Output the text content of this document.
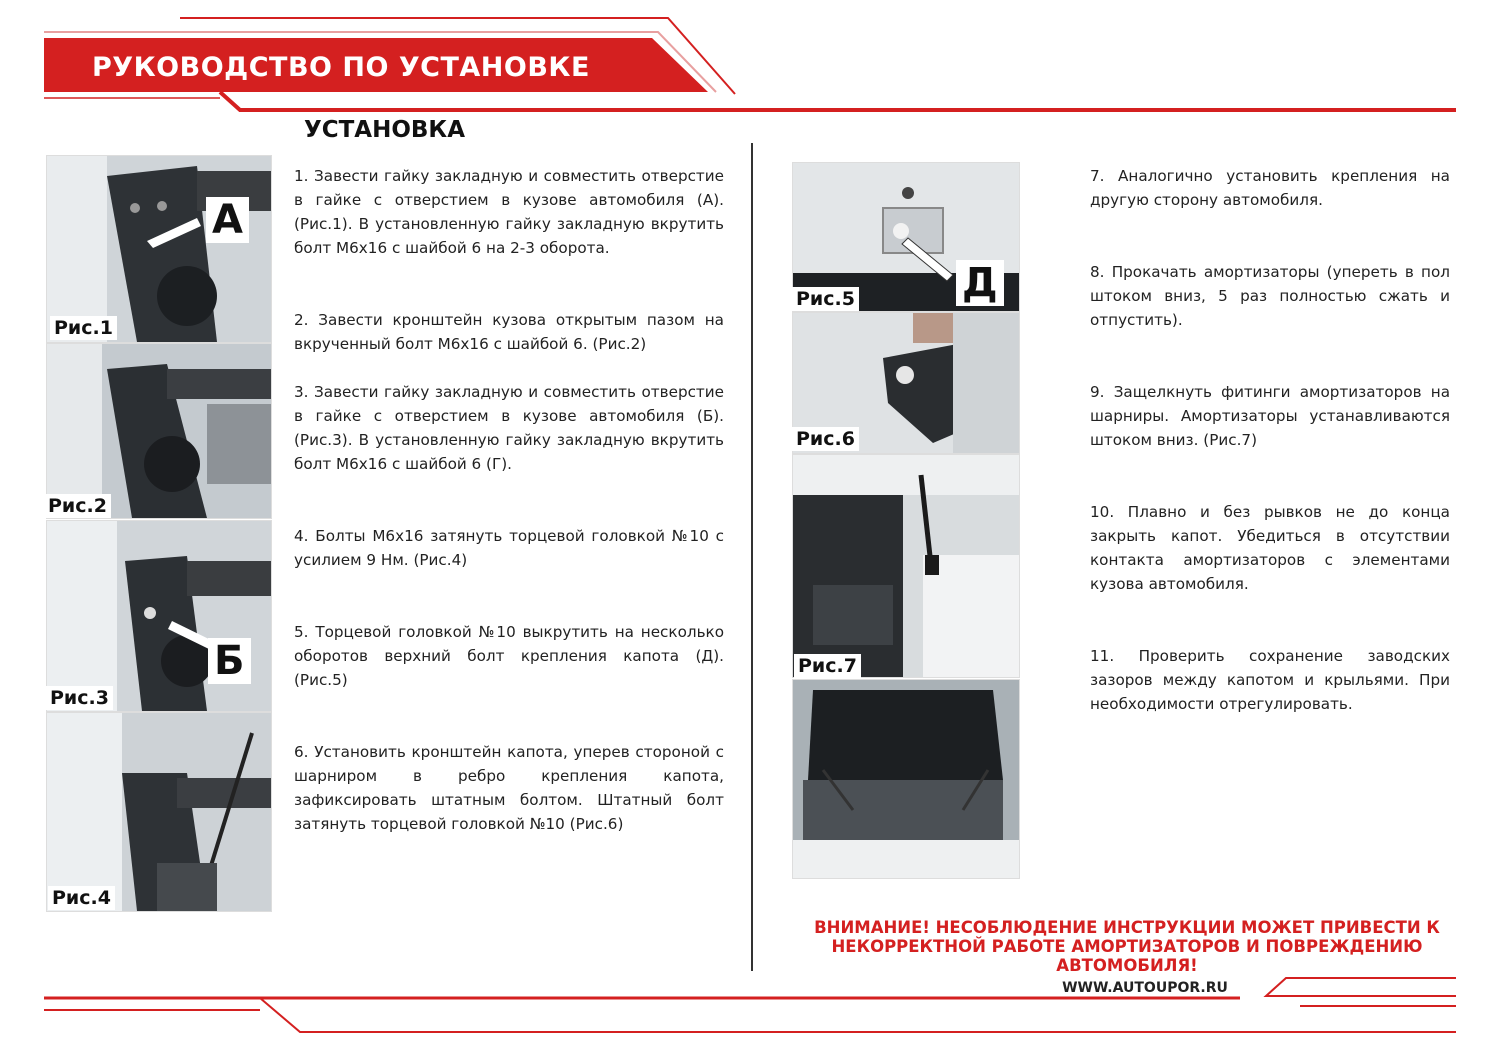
РУКОВОДСТВО ПО УСТАНОВКЕ
УСТАНОВКА
А
Рис.1
Рис.2
Б
Рис.3
Рис.4
1. Завести гайку закладную и совместить отверстие в гайке с отверстием в кузове автомобиля (А).(Рис.1). В установленную гайку закладную вкрутить болт М6х16 с шайбой 6 на 2-3 оборота.
2. Завести кронштейн кузова открытым пазом на вкрученный болт М6х16 с шайбой 6. (Рис.2)
3. Завести гайку закладную и совместить отверстие в гайке с отверстием в кузове автомобиля (Б).(Рис.3). В установленную гайку закладную вкрутить болт М6х16 с шайбой 6 (Г).
4. Болты М6х16 затянуть торцевой головкой №10 с усилием 9 Нм. (Рис.4)
5. Торцевой головкой №10 выкрутить на несколько оборотов верхний болт крепления капота (Д). (Рис.5)
6. Установить кронштейн капота, уперев стороной с шарниром в ребро крепления капота, зафиксировать штатным болтом. Штатный болт затянуть торцевой головкой №10 (Рис.6)
Д
Рис.5
Рис.6
Рис.7
7. Аналогично установить крепления на другую сторону автомобиля.
8. Прокачать амортизаторы (упереть в пол штоком вниз, 5 раз полностью сжать и отпустить).
9. Защелкнуть фитинги амортизаторов на шарниры. Амортизаторы устанавливаются штоком вниз. (Рис.7)
10. Плавно и без рывков не до конца закрыть капот. Убедиться в отсутствии контакта амортизаторов с элементами кузова автомобиля.
11. Проверить сохранение заводских зазоров между капотом и крыльями. При необходимости отрегулировать.
ВНИМАНИЕ! НЕСОБЛЮДЕНИЕ ИНСТРУКЦИИ МОЖЕТ ПРИВЕСТИ К НЕКОРРЕКТНОЙ РАБОТЕ АМОРТИЗАТОРОВ И ПОВРЕЖДЕНИЮ АВТОМОБИЛЯ!
WWW.AUTOUPOR.RU
